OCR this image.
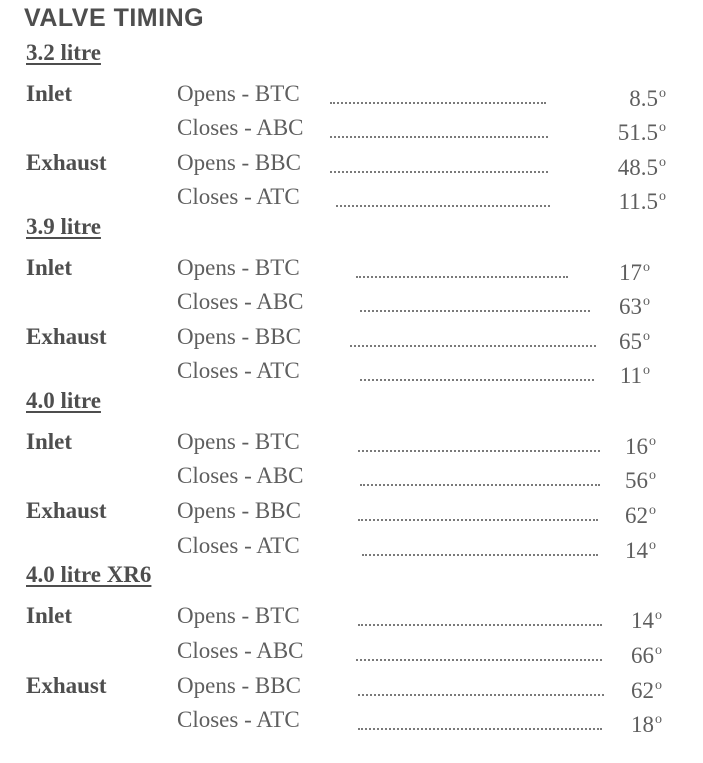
VALVE TIMING
3.2 litre
Inlet	Opens - BTC	8.5$^o$
Closes - ABC	51.5$^o$
Exhaust	Opens - BBC	48.5$^o$
Closes - ATC	11.5$^o$
3.9 litre
Inlet	Opens - BTC	17$^o$
Closes - ABC	63$^o$
Exhaust	Opens - BBC	65$^o$
Closes - ATC	11$^o$
4.0 litre
Inlet	Opens - BTC	16$^o$
Closes - ABC	56$^o$
Exhaust	Opens - BBC	62$^o$
Closes - ATC	14$^o$
4.0 litre XR6
Inlet	Opens - BTC	14$^o$
Closes - ABC	66$^o$
Exhaust	Opens - BBC	62$^o$
Closes - ATC	18$^o$
